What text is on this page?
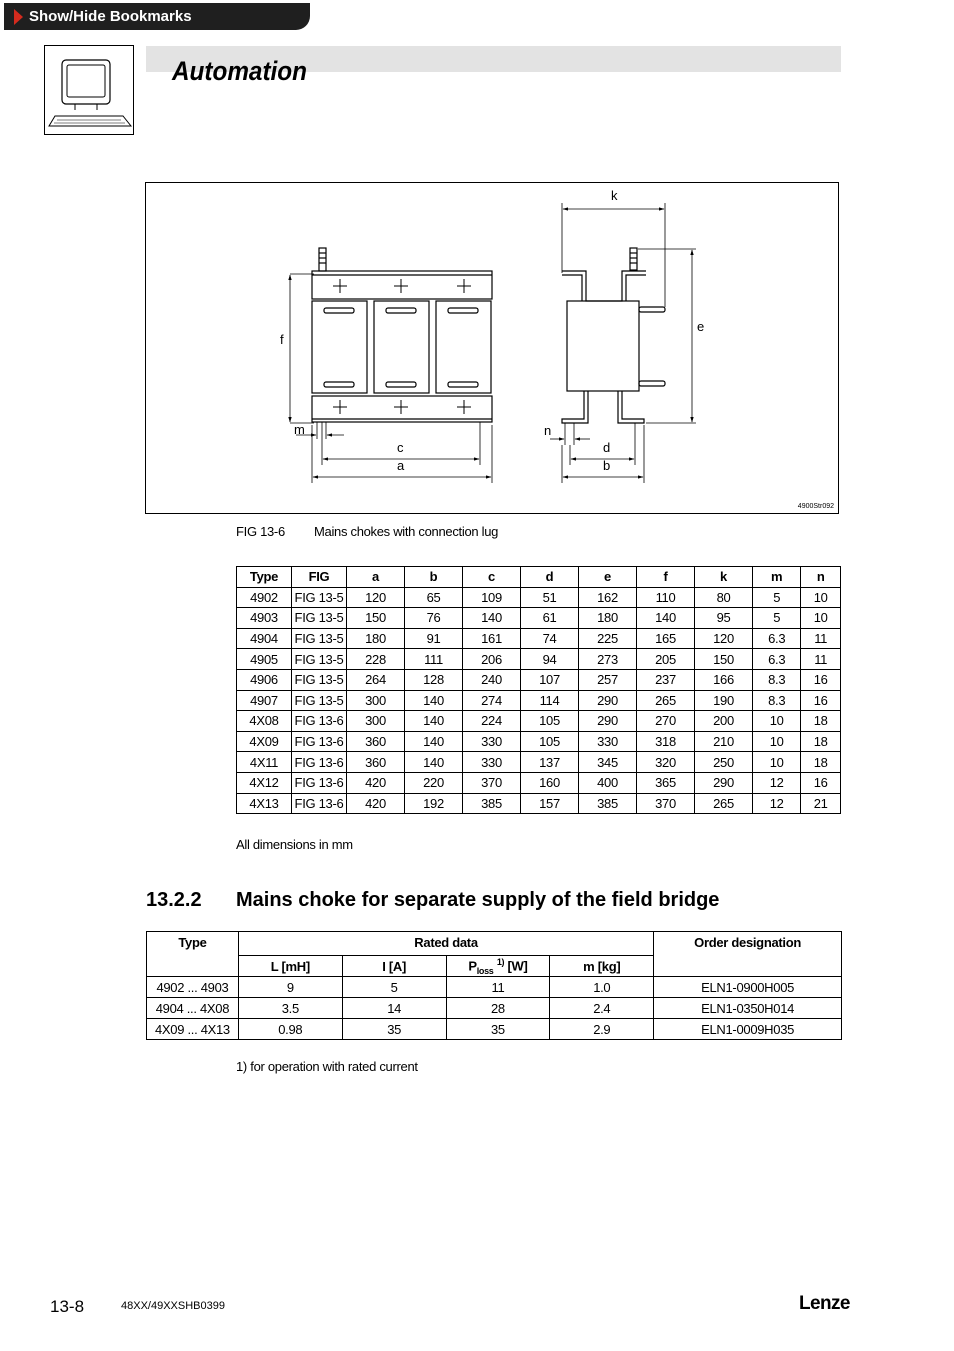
Show/Hide Bookmarks
Automation
f
m
c
a
k
e
n
d
b
4900Str092
FIG 13-6 Mains chokes with connection lug
Type	FIG	a	b	c	d	e	f	k	m	n
4902	FIG 13-5	120	65	109	51	162	110	80	5	10
4903	FIG 13-5	150	76	140	61	180	140	95	5	10
4904	FIG 13-5	180	91	161	74	225	165	120	6.3	11
4905	FIG 13-5	228	111	206	94	273	205	150	6.3	11
4906	FIG 13-5	264	128	240	107	257	237	166	8.3	16
4907	FIG 13-5	300	140	274	114	290	265	190	8.3	16
4X08	FIG 13-6	300	140	224	105	290	270	200	10	18
4X09	FIG 13-6	360	140	330	105	330	318	210	10	18
4X11	FIG 13-6	360	140	330	137	345	320	250	10	18
4X12	FIG 13-6	420	220	370	160	400	365	290	12	16
4X13	FIG 13-6	420	192	385	157	385	370	265	12	21
All dimensions in mm
13.2.2 Mains choke for separate supply of the field bridge
Type	Rated data				Order designation
	L [mH]	I [A]	$P_{loss}$ $^{1)}$ [W]	m [kg]	
4902 ... 4903	9	5	11	1.0	ELN1-0900H005
4904 ... 4X08	3.5	14	28	2.4	ELN1-0350H014
4X09 ... 4X13	0.98	35	35	2.9	ELN1-0009H035
1) for operation with rated current
13-8	48XX/49XXSHB0399	Lenze
